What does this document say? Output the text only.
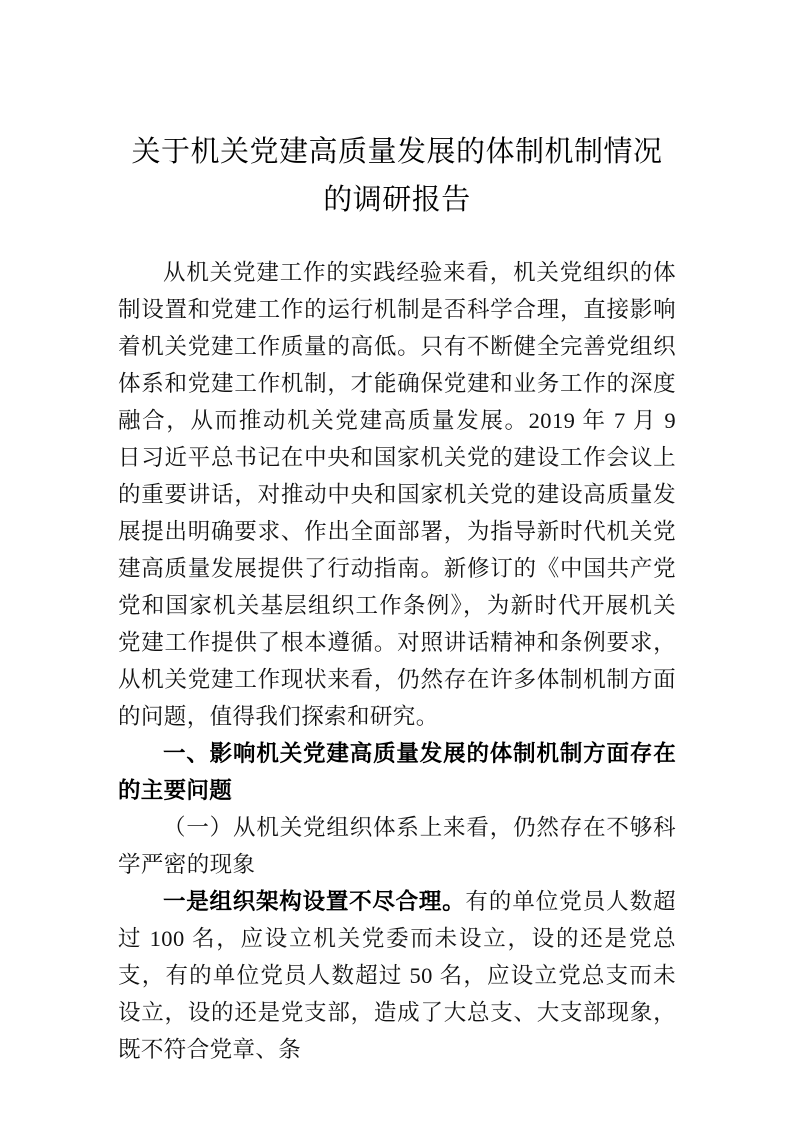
关于机关党建高质量发展的体制机制情况
的调研报告

从机关党建工作的实践经验来看，机关党组织的体制设置和党建工作的运行机制是否科学合理，直接影响着机关党建工作质量的高低。只有不断健全完善党组织体系和党建工作机制，才能确保党建和业务工作的深度融合，从而推动机关党建高质量发展。2019 年 7 月 9 日习近平总书记在中央和国家机关党的建设工作会议上的重要讲话，对推动中央和国家机关党的建设高质量发展提出明确要求、作出全面部署，为指导新时代机关党建高质量发展提供了行动指南。新修订的《中国共产党党和国家机关基层组织工作条例》，为新时代开展机关党建工作提供了根本遵循。对照讲话精神和条例要求，从机关党建工作现状来看，仍然存在许多体制机制方面的问题，值得我们探索和研究。

一、影响机关党建高质量发展的体制机制方面存在的主要问题

（一）从机关党组织体系上来看，仍然存在不够科学严密的现象

一是组织架构设置不尽合理。有的单位党员人数超过 100 名，应设立机关党委而未设立，设的还是党总支，有的单位党员人数超过 50 名，应设立党总支而未设立，设的还是党支部，造成了大总支、大支部现象，既不符合党章、条
